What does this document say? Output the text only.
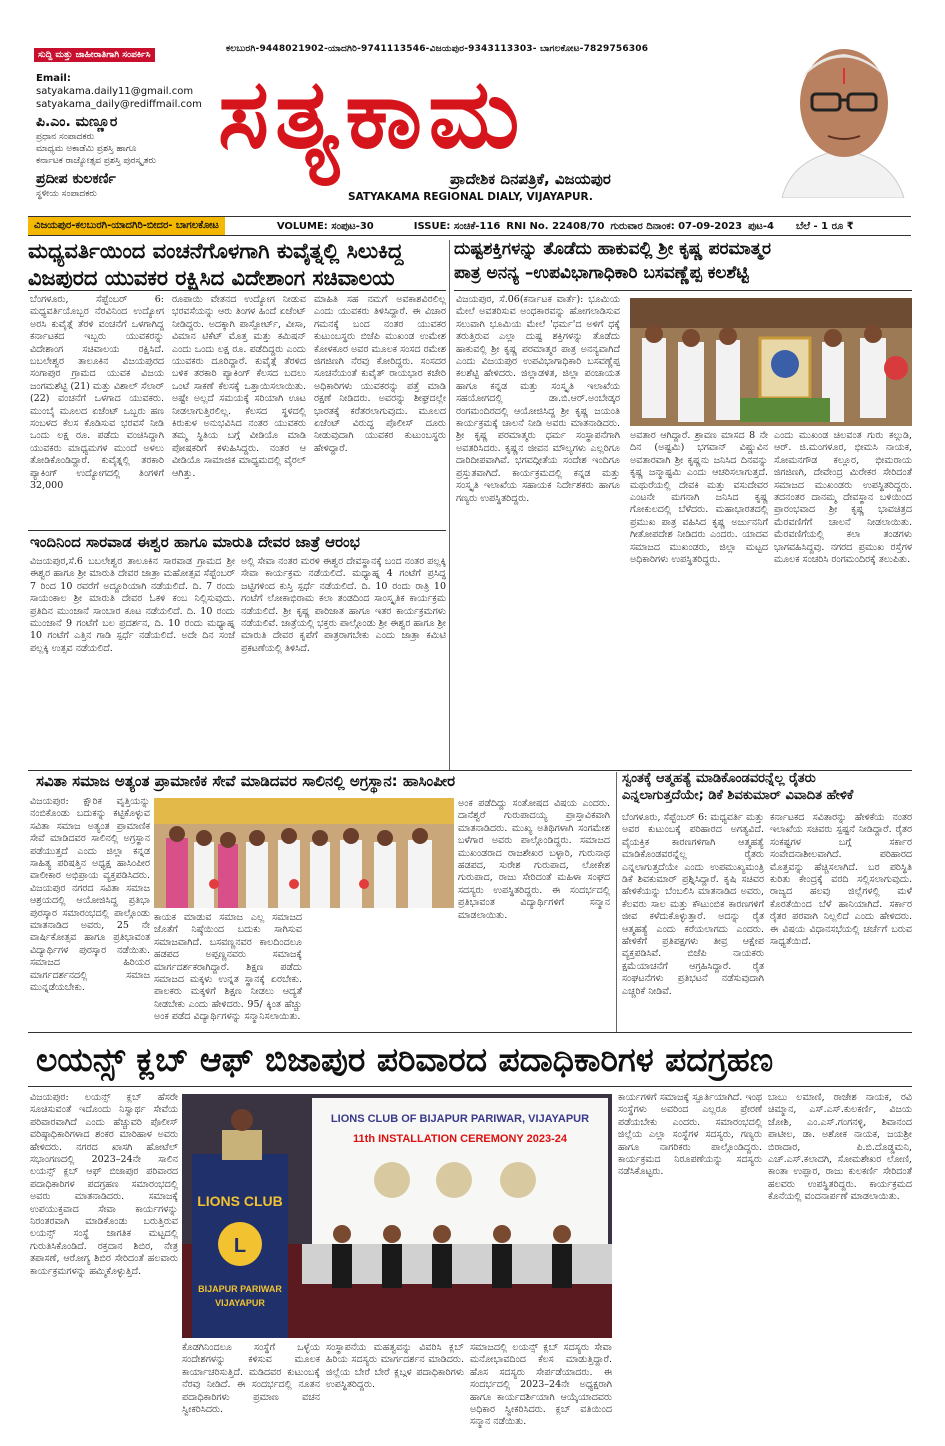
ಸುದ್ದಿ ಮತ್ತು ಜಾಹೀರಾತಿಗಾಗಿ ಸಂಪರ್ಕಿಸಿ
Email:
satyakama.daily11@gmail.com
satyakama_daily@rediffmail.com
ಪಿ.ಎಂ. ಮಣ್ಣೂರ
ಪ್ರಧಾನ ಸಂಪಾದಕರು
ಮಾಧ್ಯಮ ಅಕಾಡೆಮಿ ಪ್ರಶಸ್ತಿ ಹಾಗೂ
ಕರ್ನಾಟಕ ರಾಜ್ಯೋತ್ಸವ ಪ್ರಶಸ್ತಿ ಪುರಸ್ಕೃತರು
ಪ್ರದೀಪ ಕುಲಕರ್ಣಿ
ಸ್ಥಳೀಯ ಸಂಪಾದಕರು
ಕಲಬುರಗಿ-9448021902-ಯಾದಗಿರಿ-9741113546-ವಿಜಯಪುರ-9343113303- ಬಾಗಲಕೋಟ-7829756306
ಸತ್ಯಕಾಮ
ಪ್ರಾದೇಶಿಕ ದಿನಪತ್ರಿಕೆ, ವಿಜಯಪುರ
SATYAKAMA REGIONAL DIALY, VIJAYAPUR.
ವಿಜಯಪುರ-ಕಲಬುರಗಿ-ಯಾದಗಿರಿ-ಬೀದರ- ಬಾಗಲಕೋಟ	VOLUME: ಸಂಪುಟ-30	ISSUE: ಸಂಚಿಕೆ-116 RNI No. 22408/70 ಗುರುವಾರ ದಿನಾಂಕ: 07-09-2023 ಪುಟ-4 ಬೆಲೆ - 1 ರೂ ₹
ಮಧ್ಯವರ್ತಿಯಿಂದ ವಂಚನೆಗೊಳಗಾಗಿ ಕುವೈತ್ನಲ್ಲಿ ಸಿಲುಕಿದ್ದ
ವಿಜಪುರದ ಯುವಕರ ರಕ್ಷಿಸಿದ ವಿದೇಶಾಂಗ ಸಚಿವಾಲಯ
ಬೆಂಗಳೂರು, ಸೆಪ್ಟೆಂಬರ್ 6: ಮಧ್ಯವರ್ತಿಯೊಬ್ಬರ ನೆರವಿನಿಂದ ಉದ್ಯೋಗ ಅರಸಿ ಕುವೈತ್ಗೆ ತೆರಳಿ ವಂಚನೆಗೆ ಒಳಗಾಗಿದ್ದ ಕರ್ನಾಟಕದ ಇಬ್ಬರು ಯುವಕರನ್ನು ವಿದೇಶಾಂಗ ಸಚಿವಾಲಯ ರಕ್ಷಿಸಿದೆ. ಬಬಲೇಶ್ವರ ತಾಲೂಕಿನ ವಿಜಯಪುರದ ಸಂಗಾಪುರ ಗ್ರಾಮದ ಯುವಕ ವಿಜಯ ಜಂಗಮಶೆಟ್ಟಿ (21) ಮತ್ತು ವಿಶಾಲ್ ಸೆಲಾರ್ (22) ವಂಚನೆಗೆ ಒಳಗಾದ ಯುವಕರು. ಮುಂಬೈ ಮೂಲದ ಏಜೆಂಟ್ ಒಬ್ಬರು ಹಣ ಸಂಬಳದ ಕೆಲಸ ಕೊಡಿಸುವ ಭರವಸೆ ನೀಡಿ ಒಂದು ಲಕ್ಷ ರೂ. ಪಡೆದು ವಂಚಿಸಿದ್ದಾಗಿ ಯುವಕರು ಮಾಧ್ಯಮಗಳ ಮುಂದೆ ಅಳಲು ತೋಡಿಕೊಂಡಿದ್ದಾರೆ. ಕುವೈತ್ನಲ್ಲಿ ತರಕಾರಿ ಪ್ಯಾಕಿಂಗ್ ಉದ್ಯೋಗದಲ್ಲಿ ತಿಂಗಳಿಗೆ 32,000
ರೂಪಾಯಿ ವೇತನದ ಉದ್ಯೋಗ ನೀಡುವ ಭರವಸೆಯನ್ನು ಆರು ತಿಂಗಳ ಹಿಂದೆ ಏಜೆಂಟ್ ನೀಡಿದ್ದರು. ಅದಕ್ಕಾಗಿ ಪಾಸ್ಪೋರ್ಟ್, ವೀಸಾ, ವಿಮಾನ ಟಿಕೆಟ್ ಮೊತ್ತ ಮತ್ತು ಕಮಿಷನ್ ಎಂದು ಒಂದು ಲಕ್ಷ ರೂ. ಪಡೆದಿದ್ದರು ಎಂದು ಯುವಕರು ದೂರಿದ್ದಾರೆ. ಕುವೈತ್ಗೆ ತೆರಳಿದ ಬಳಿಕ ತರಕಾರಿ ಪ್ಯಾಕಿಂಗ್ ಕೆಲಸದ ಬದಲು ಒಂಟೆ ಸಾಕಣೆ ಕೆಲಸಕ್ಕೆ ಒತ್ತಾಯಿಸಲಾಯಿತು. ಅಷ್ಟೇ ಅಲ್ಲದೆ ಸಮಯಕ್ಕೆ ಸರಿಯಾಗಿ ಊಟ ನೀಡಲಾಗುತ್ತಿರಲಿಲ್ಲ. ಕೆಲಸದ ಸ್ಥಳದಲ್ಲಿ ಕಿರುಕುಳ ಅನುಭವಿಸಿದ ನಂತರ ಯುವಕರು ತಮ್ಮ ಸ್ಥಿತಿಯ ಬಗ್ಗೆ ವೀಡಿಯೊ ಮಾಡಿ ಪೋಷಕರಿಗೆ ಕಳುಹಿಸಿದ್ದರು. ನಂತರ ಆ ವೀಡಿಯೊ ಸಾಮಾಜಿಕ ಮಾಧ್ಯಮದಲ್ಲಿ ವೈರಲ್ ಆಗಿತ್ತು.
ಮಾಹಿತಿ ಸಹ ನಮಗೆ ಅವಕಾಶವಿರಲಿಲ್ಲ ಎಂದು ಯುವಕರು ತಿಳಿಸಿದ್ದಾರೆ. ಈ ವಿಚಾರ ಗಮನಕ್ಕೆ ಬಂದ ನಂತರ ಯುವಕರ ಕುಟುಂಬಸ್ಥರು ಬಿಜೆಪಿ ಮುಖಂಡ ಉಮೇಶ ಕೋಳಕೂರ ಅವರ ಮೂಲಕ ಸಂಸದ ರಮೇಶ ಜಿಗಜಿಣಗಿ ನೆರವು ಕೋರಿದ್ದರು. ಸಂಸದರ ಸೂಚನೆಯಂತೆ ಕುವೈತ್ ರಾಯಭಾರ ಕಚೇರಿ ಅಧಿಕಾರಿಗಳು ಯುವಕರನ್ನು ಪತ್ತೆ ಮಾಡಿ ರಕ್ಷಣೆ ನೀಡಿದರು. ಅವರನ್ನು ಶೀಘ್ರದಲ್ಲೇ ಭಾರತಕ್ಕೆ ಕರೆತರಲಾಗುವುದು. ಮೂಲದ ಏಜೆಂಟ್ ವಿರುದ್ಧ ಪೊಲೀಸ್ ದೂರು ನೀಡುವುದಾಗಿ ಯುವಕರ ಕುಟುಂಬಸ್ಥರು ಹೇಳಿದ್ದಾರೆ.
ಇಂದಿನಿಂದ ಸಾರವಾಡ ಈಶ್ವರ ಹಾಗೂ ಮಾರುತಿ ದೇವರ ಜಾತ್ರೆ ಆರಂಭ
ವಿಜಯಪುರ,ಸೆ.6 ಬಬಲೇಶ್ವರ ತಾಲೂಕಿನ ಸಾರವಾಡ ಗ್ರಾಮದ ಶ್ರೀ ಈಶ್ವರ ಹಾಗೂ ಶ್ರೀ ಮಾರುತಿ ದೇವರ ಜಾತ್ರಾ ಮಹೋತ್ಸವ ಸೆಪ್ಟೆಂಬರ್ 7 ರಿಂದ 10 ರವರೆಗೆ ಅದ್ದೂರಿಯಾಗಿ ನಡೆಯಲಿದೆ. ದಿ. 7 ರಂದು ಸಾಯಂಕಾಲ ಶ್ರೀ ಮಾರುತಿ ದೇವರ ಓಕಳಿ ಕಂಬ ನಿಲ್ಲಿಸುವುದು. ಪ್ರತಿದಿನ ಮುಂಜಾನೆ ಸಾಂಬಾರ ಕೂಟ ನಡೆಯಲಿದೆ. ದಿ. 10 ರಂದು ಮುಂಜಾನೆ 9 ಗಂಟೆಗೆ ಬಲ ಪ್ರದರ್ಶನ, ದಿ. 10 ರಂದು ಮಧ್ಯಾಹ್ನ 10 ಗಂಟೆಗೆ ಎತ್ತಿನ ಗಾಡಿ ಸ್ಪರ್ಧೆ ನಡೆಯಲಿದೆ. ಅದೇ ದಿನ ಸಂಜೆ ಪಲ್ಲಕ್ಕಿ ಉತ್ಸವ ನಡೆಯಲಿದೆ.
ಅಲ್ಲಿ ಸೇವಾ ನಂತರ ಮರಳಿ ಈಶ್ವರ ದೇವಸ್ಥಾನಕ್ಕೆ ಬಂದ ನಂತರ ಪಲ್ಲಕ್ಕಿ ಸೇವಾ ಕಾರ್ಯಕ್ರಮ ನಡೆಯಲಿದೆ. ಮಧ್ಯಾಹ್ನ 4 ಗಂಟೆಗೆ ಪ್ರಸಿದ್ಧ ಜಟ್ಟಿಗಳಿಂದ ಕುಸ್ತಿ ಸ್ಪರ್ಧೆ ನಡೆಯಲಿದೆ. ದಿ. 10 ರಂದು ರಾತ್ರಿ 10 ಗಂಟೆಗೆ ಲೋಕಾಭಿರಾಮ ಕಲಾ ತಂಡದಿಂದ ಸಾಂಸ್ಕೃತಿಕ ಕಾರ್ಯಕ್ರಮ ನಡೆಯಲಿದೆ. ಶ್ರೀ ಕೃಷ್ಣ ಪಾರಿಜಾತ ಹಾಗೂ ಇತರ ಕಾರ್ಯಕ್ರಮಗಳು ನಡೆಯಲಿವೆ. ಜಾತ್ರೆಯಲ್ಲಿ ಭಕ್ತರು ಪಾಲ್ಗೊಂಡು ಶ್ರೀ ಈಶ್ವರ ಹಾಗೂ ಶ್ರೀ ಮಾರುತಿ ದೇವರ ಕೃಪೆಗೆ ಪಾತ್ರರಾಗಬೇಕು ಎಂದು ಜಾತ್ರಾ ಕಮಿಟಿ ಪ್ರಕಟಣೆಯಲ್ಲಿ ತಿಳಿಸಿದೆ.
ದುಷ್ಟಶಕ್ತಿಗಳನ್ನು ತೊಡೆದು ಹಾಕುವಲ್ಲಿ ಶ್ರೀ ಕೃಷ್ಣ ಪರಮಾತ್ಮರ
ಪಾತ್ರ ಅನನ್ಯ –ಉಪವಿಭಾಗಾಧಿಕಾರಿ ಬಸವಣ್ಣೆಪ್ಪ ಕಲಶೆಟ್ಟಿ
ವಿಜಯಪುರ, ಸೆ.06(ಕರ್ನಾಟಕ ವಾರ್ತೆ): ಭೂಮಿಯ ಮೇಲೆ ಅವತರಿಸುವ ಅಂಧಕಾರವನ್ನು ಹೋಗಲಾಡಿಸುವ ಸಲುವಾಗಿ ಭೂಮಿಯ ಮೇಲೆ 'ಧರ್ಮ'ದ ಅಳಿಗೆ ಧಕ್ಕೆ ತರುತ್ತಿರುವ ಎಲ್ಲಾ ದುಷ್ಟ ಶಕ್ತಿಗಳನ್ನು ತೊಡೆದು ಹಾಕುವಲ್ಲಿ ಶ್ರೀ ಕೃಷ್ಣ ಪರಮಾತ್ಮರ ಪಾತ್ರ ಅನನ್ಯವಾಗಿದೆ ಎಂದು ವಿಜಯಪುರ ಉಪವಿಭಾಗಾಧಿಕಾರಿ ಬಸವಣ್ಣೆಪ್ಪ ಕಲಶೆಟ್ಟಿ ಹೇಳಿದರು. ಜಿಲ್ಲಾಡಳಿತ, ಜಿಲ್ಲಾ ಪಂಚಾಯತ ಹಾಗೂ ಕನ್ನಡ ಮತ್ತು ಸಂಸ್ಕೃತಿ ಇಲಾಖೆಯ ಸಹಯೋಗದಲ್ಲಿ ಡಾ.ಬಿ.ಆರ್.ಅಂಬೇಡ್ಕರ ರಂಗಮಂದಿರದಲ್ಲಿ ಆಯೋಜಿಸಿದ್ದ ಶ್ರೀ ಕೃಷ್ಣ ಜಯಂತಿ ಕಾರ್ಯಕ್ರಮಕ್ಕೆ ಚಾಲನೆ ನೀಡಿ ಅವರು ಮಾತನಾಡಿದರು. ಶ್ರೀ ಕೃಷ್ಣ ಪರಮಾತ್ಮರು ಧರ್ಮ ಸಂಸ್ಥಾಪನೆಗಾಗಿ ಅವತರಿಸಿದರು. ಕೃಷ್ಣನ ಜೀವನ ಮೌಲ್ಯಗಳು ಎಲ್ಲರಿಗೂ ದಾರಿದೀಪವಾಗಿವೆ. ಭಗವದ್ಗೀತೆಯ ಸಂದೇಶ ಇಂದಿಗೂ ಪ್ರಸ್ತುತವಾಗಿದೆ. ಕಾರ್ಯಕ್ರಮದಲ್ಲಿ ಕನ್ನಡ ಮತ್ತು ಸಂಸ್ಕೃತಿ ಇಲಾಖೆಯ ಸಹಾಯಕ ನಿರ್ದೇಶಕರು ಹಾಗೂ ಗಣ್ಯರು ಉಪಸ್ಥಿತರಿದ್ದರು.
ಅವತಾರ ಆಗಿದ್ದಾರೆ. ಶ್ರಾವಣ ಮಾಸದ 8 ನೇ ದಿನ (ಅಷ್ಟಮಿ) ಭಗವಾನ್ ವಿಷ್ಣುವಿನ ಅವತಾರವಾಗಿ ಶ್ರೀ ಕೃಷ್ಣನು ಜನಿಸಿದ ದಿನವನ್ನು ಕೃಷ್ಣ ಜನ್ಮಾಷ್ಟಮಿ ಎಂದು ಆಚರಿಸಲಾಗುತ್ತದೆ. ಮಥುರೆಯಲ್ಲಿ ದೇವಕಿ ಮತ್ತು ವಸುದೇವರ ಎಂಟನೇ ಮಗನಾಗಿ ಜನಿಸಿದ ಕೃಷ್ಣ ಗೋಕುಲದಲ್ಲಿ ಬೆಳೆದರು. ಮಹಾಭಾರತದಲ್ಲಿ ಪ್ರಮುಖ ಪಾತ್ರ ವಹಿಸಿದ ಕೃಷ್ಣ ಅರ್ಜುನನಿಗೆ ಗೀತೋಪದೇಶ ನೀಡಿದರು ಎಂದರು. ಯಾದವ ಸಮಾಜದ ಮುಖಂಡರು, ಜಿಲ್ಲಾ ಮಟ್ಟದ ಅಧಿಕಾರಿಗಳು ಉಪಸ್ಥಿತರಿದ್ದರು.
ಎಂದು ಮುಖಂಡ ಚಿಲವಂತ ಗುರು ಕಲ್ಗುಡಿ, ಆರ್. ಜಿ.ಮಂಗಳೂರ, ಭೀಮಸಿ ನಾಯಕ, ಸೋಮನಗೌಡ ಕಲ್ಲೂರ, ಭೀಮರಾಯ ಜಿಗಜಿಣಗಿ, ದೇವೇಂದ್ರ ಮಿರೇಕರ ಸೇರಿದಂತೆ ಸಮಾಜದ ಮುಖಂಡರು ಉಪಸ್ಥಿತರಿದ್ದರು. ತದನಂತರ ದಾನಮ್ಮ ದೇವಸ್ಥಾನ ಬಳಿಯಿಂದ ಪ್ರಾರಂಭವಾದ ಶ್ರೀ ಕೃಷ್ಣ ಭಾವಚಿತ್ರದ ಮೆರವಣಿಗೆಗೆ ಚಾಲನೆ ನೀಡಲಾಯಿತು. ಮೆರವಣಿಗೆಯಲ್ಲಿ ಕಲಾ ತಂಡಗಳು ಭಾಗವಹಿಸಿದ್ದವು. ನಗರದ ಪ್ರಮುಖ ರಸ್ತೆಗಳ ಮೂಲಕ ಸಂಚರಿಸಿ ರಂಗಮಂದಿರಕ್ಕೆ ತಲುಪಿತು.
ಸವಿತಾ ಸಮಾಜ ಅತ್ಯಂತ ಪ್ರಾಮಾಣಿಕ ಸೇವೆ ಮಾಡಿದವರ ಸಾಲಿನಲ್ಲಿ ಅಗ್ರಸ್ಥಾನ: ಹಾಸಿಂಪೀರ
ವಿಜಯಪುರ: ಕ್ಷೌರಿಕ ವೃತ್ತಿಯನ್ನು ನಂಬಿಕೊಂಡು ಬದುಕನ್ನು ಕಟ್ಟಿಕೊಳ್ಳುವ ಸವಿತಾ ಸಮಾಜ ಅತ್ಯಂತ ಪ್ರಾಮಾಣಿಕ ಸೇವೆ ಮಾಡಿದವರ ಸಾಲಿನಲ್ಲಿ ಅಗ್ರಸ್ಥಾನ ಪಡೆಯುತ್ತದೆ ಎಂದು ಜಿಲ್ಲಾ ಕನ್ನಡ ಸಾಹಿತ್ಯ ಪರಿಷತ್ತಿನ ಅಧ್ಯಕ್ಷ ಹಾಸಿಂಪೀರ ವಾಲೀಕಾರ ಅಭಿಪ್ರಾಯ ವ್ಯಕ್ತಪಡಿಸಿದರು. ವಿಜಯಪುರ ನಗರದ ಸವಿತಾ ಸಮಾಜ ಆಶ್ರಯದಲ್ಲಿ ಆಯೋಜಿಸಿದ್ದ ಪ್ರತಿಭಾ ಪುರಸ್ಕಾರ ಸಮಾರಂಭದಲ್ಲಿ ಪಾಲ್ಗೊಂಡು ಮಾತನಾಡಿದ ಅವರು, 25 ನೇ ವಾರ್ಷಿಕೋತ್ಸವ ಹಾಗೂ ಪ್ರತಿಭಾವಂತ ವಿದ್ಯಾರ್ಥಿಗಳ ಪುರಸ್ಕಾರ ನಡೆಯಿತು. ಸಮಾಜದ ಹಿರಿಯರ ಮಾರ್ಗದರ್ಶನದಲ್ಲಿ ಸಮಾಜ ಮುನ್ನಡೆಯಬೇಕು.
ಕಾಯಕ ಮಾಡುವ ಸಮಾಜ ಎಲ್ಲ ಸಮಾಜದ ಜೊತೆಗೆ ನಿಷ್ಠೆಯಿಂದ ಬದುಕು ಸಾಗಿಸುವ ಸಮಾಜವಾಗಿದೆ. ಬಸವಣ್ಣನವರ ಕಾಲದಿಂದಲೂ ಹಡಪದ ಅಪ್ಪಣ್ಣನವರು ಸಮಾಜಕ್ಕೆ ಮಾರ್ಗದರ್ಶಕರಾಗಿದ್ದಾರೆ. ಶಿಕ್ಷಣ ಪಡೆದು ಸಮಾಜದ ಮಕ್ಕಳು ಉನ್ನತ ಸ್ಥಾನಕ್ಕೆ ಏರಬೇಕು. ಪಾಲಕರು ಮಕ್ಕಳಿಗೆ ಶಿಕ್ಷಣ ನೀಡಲು ಆದ್ಯತೆ ನೀಡಬೇಕು ಎಂದು ಹೇಳಿದರು. 95/ ಕ್ಕಿಂತ ಹೆಚ್ಚು ಅಂಕ ಪಡೆದ ವಿದ್ಯಾರ್ಥಿಗಳನ್ನು ಸನ್ಮಾನಿಸಲಾಯಿತು.
ಅಂಕ ಪಡೆದಿದ್ದು ಸಂತೋಷದ ವಿಷಯ ಎಂದರು. ದಾನೆಶ್ವರೆ ಗುರುಪಾದಯ್ಯ ಪ್ರಾಸ್ತಾವಿಕವಾಗಿ ಮಾತನಾಡಿದರು. ಮುಖ್ಯ ಅತಿಥಿಗಳಾಗಿ ಸಂಗಮೇಶ ಬಳೆಗಾರ ಅವರು ಪಾಲ್ಗೊಂಡಿದ್ದರು. ಸಮಾಜದ ಮುಖಂಡರಾದ ರಾಜಶೇಖರ ಬಳ್ಳಾರಿ, ಗುರುನಾಥ ಹಡಪದ, ಸುರೇಶ ಗುರುಪಾದ, ಲೋಕೇಶ ಗುರುಪಾದ, ರಾಜು ಸೇರಿದಂತೆ ಮಹಿಳಾ ಸಂಘದ ಸದಸ್ಯರು ಉಪಸ್ಥಿತರಿದ್ದರು. ಈ ಸಂದರ್ಭದಲ್ಲಿ ಪ್ರತಿಭಾವಂತ ವಿದ್ಯಾರ್ಥಿಗಳಿಗೆ ಸನ್ಮಾನ ಮಾಡಲಾಯಿತು.
ಸ್ವಂತಕ್ಕೆ ಆತ್ಮಹತ್ಯೆ ಮಾಡಿಕೊಂಡವರನ್ನೆಲ್ಲ ರೈತರು
ಎನ್ನಲಾಗುತ್ತದೆಯೇ; ಡಿಕೆ ಶಿವಕುಮಾರ್ ವಿವಾದಿತ ಹೇಳಿಕೆ
ಬೆಂಗಳೂರು, ಸೆಪ್ಟೆಂಬರ್ 6: ಮಧ್ಯವರ್ತಿ ಮತ್ತು ಅವರ ಕುಟುಂಬಕ್ಕೆ ಪರಿಹಾರದ ಅಗತ್ಯವಿದೆ. ವೈಯಕ್ತಿಕ ಕಾರಣಗಳಿಗಾಗಿ ಆತ್ಮಹತ್ಯೆ ಮಾಡಿಕೊಂಡವರನ್ನೆಲ್ಲ ರೈತರು ಎನ್ನಲಾಗುತ್ತದೆಯೇ ಎಂದು ಉಪಮುಖ್ಯಮಂತ್ರಿ ಡಿಕೆ ಶಿವಕುಮಾರ್ ಪ್ರಶ್ನಿಸಿದ್ದಾರೆ. ಕೃಷಿ ಸಚಿವರ ಹೇಳಿಕೆಯನ್ನು ಬೆಂಬಲಿಸಿ ಮಾತನಾಡಿದ ಅವರು, ಕೆಲವರು ಸಾಲ ಮತ್ತು ಕೌಟುಂಬಿಕ ಕಾರಣಗಳಿಗೆ ಜೀವ ಕಳೆದುಕೊಳ್ಳುತ್ತಾರೆ. ಅದನ್ನು ರೈತ ಆತ್ಮಹತ್ಯೆ ಎಂದು ಕರೆಯಲಾಗದು ಎಂದರು. ಹೇಳಿಕೆಗೆ ಪ್ರತಿಪಕ್ಷಗಳು ತೀವ್ರ ಆಕ್ಷೇಪ ವ್ಯಕ್ತಪಡಿಸಿವೆ. ಬಿಜೆಪಿ ನಾಯಕರು ಕ್ಷಮೆಯಾಚನೆಗೆ ಆಗ್ರಹಿಸಿದ್ದಾರೆ. ರೈತ ಸಂಘಟನೆಗಳು ಪ್ರತಿಭಟನೆ ನಡೆಸುವುದಾಗಿ ಎಚ್ಚರಿಕೆ ನೀಡಿವೆ.
ಕರ್ನಾಟಕದ ಸವಿತಾರನ್ನು ಹೇಳಿಕೆಯ ನಂತರ ಇಲಾಖೆಯ ಸಚಿವರು ಸ್ಪಷ್ಟನೆ ನೀಡಿದ್ದಾರೆ. ರೈತರ ಸಂಕಷ್ಟಗಳ ಬಗ್ಗೆ ಸರ್ಕಾರ ಸಂವೇದನಾಶೀಲವಾಗಿದೆ. ಪರಿಹಾರದ ಮೊತ್ತವನ್ನು ಹೆಚ್ಚಿಸಲಾಗಿದೆ. ಬರ ಪರಿಸ್ಥಿತಿ ಕುರಿತು ಕೇಂದ್ರಕ್ಕೆ ವರದಿ ಸಲ್ಲಿಸಲಾಗುವುದು. ರಾಜ್ಯದ ಹಲವು ಜಿಲ್ಲೆಗಳಲ್ಲಿ ಮಳೆ ಕೊರತೆಯಿಂದ ಬೆಳೆ ಹಾನಿಯಾಗಿದೆ. ಸರ್ಕಾರ ರೈತರ ಪರವಾಗಿ ನಿಲ್ಲಲಿದೆ ಎಂದು ಹೇಳಿದರು. ಈ ವಿಷಯ ವಿಧಾನಸಭೆಯಲ್ಲಿ ಚರ್ಚೆಗೆ ಬರುವ ಸಾಧ್ಯತೆಯಿದೆ.
ಲಯನ್ಸ್ ಕ್ಲಬ್ ಆಫ್ ಬಿಜಾಪುರ ಪರಿವಾರದ ಪದಾಧಿಕಾರಿಗಳ ಪದಗ್ರಹಣ
ವಿಜಯಪುರ: ಲಯನ್ಸ್ ಕ್ಲಬ್ ಹೆಸರೇ ಸೂಚಿಸುವಂತೆ ಇದೊಂದು ನಿಸ್ವಾರ್ಥ ಸೇವೆಯ ಪರಿವಾರವಾಗಿದೆ ಎಂದು ಹೆಚ್ಚುವರಿ ಪೊಲೀಸ್ ವರಿಷ್ಠಾಧಿಕಾರಿಗಳಾದ ಶಂಕರ ಮಾರಿಹಾಳ ಅವರು ಹೇಳಿದರು. ನಗರದ ಖಾಸಗಿ ಹೋಟೆಲ್ ಸಭಾಂಗಣದಲ್ಲಿ 2023–24ನೇ ಸಾಲಿನ ಲಯನ್ಸ್ ಕ್ಲಬ್ ಆಫ್ ಬಿಜಾಪುರ ಪರಿವಾರದ ಪದಾಧಿಕಾರಿಗಳ ಪದಗ್ರಹಣ ಸಮಾರಂಭದಲ್ಲಿ ಅವರು ಮಾತನಾಡಿದರು. ಸಮಾಜಕ್ಕೆ ಉಪಯುಕ್ತವಾದ ಸೇವಾ ಕಾರ್ಯಗಳನ್ನು ನಿರಂತರವಾಗಿ ಮಾಡಿಕೊಂಡು ಬರುತ್ತಿರುವ ಲಯನ್ಸ್ ಸಂಸ್ಥೆ ಜಾಗತಿಕ ಮಟ್ಟದಲ್ಲಿ ಗುರುತಿಸಿಕೊಂಡಿದೆ. ರಕ್ತದಾನ ಶಿಬಿರ, ನೇತ್ರ ತಪಾಸಣೆ, ಆರೋಗ್ಯ ಶಿಬಿರ ಸೇರಿದಂತೆ ಹಲವಾರು ಕಾರ್ಯಕ್ರಮಗಳನ್ನು ಹಮ್ಮಿಕೊಳ್ಳುತ್ತಿದೆ.
LIONS CLUB OF BIJAPUR PARIWAR, VIJAYAPUR
11th INSTALLATION CEREMONY 2023-24
LIONS CLUB
L
BIJAPUR PARIWAR
VIJAYAPUR
ಕೊಡಗಿನಿಂದಲೂ ಸಂಸ್ಥೆಗೆ ಒಳ್ಳೆಯ ಸಂದೇಶಗಳನ್ನು ಕಳಿಸುವ ಮೂಲಕ ಕಾರ್ಯಾಚರಿಸುತ್ತಿದೆ. ಮಡಿದವರ ಕುಟುಂಬಕ್ಕೆ ನೆರವು ನೀಡಿದೆ. ಈ ಸಂದರ್ಭದಲ್ಲಿ ನೂತನ ಪದಾಧಿಕಾರಿಗಳು ಪ್ರಮಾಣ ವಚನ ಸ್ವೀಕರಿಸಿದರು.
ಸಂಸ್ಥಾಪನೆಯ ಮಹತ್ವವನ್ನು ವಿವರಿಸಿ ಕ್ಲಬ್ ಹಿರಿಯ ಸದಸ್ಯರು ಮಾರ್ಗದರ್ಶನ ಮಾಡಿದರು. ಜಿಲ್ಲೆಯ ಬೇರೆ ಬೇರೆ ಕ್ಲಬ್ಗಳ ಪದಾಧಿಕಾರಿಗಳು ಉಪಸ್ಥಿತರಿದ್ದರು.
ಸಮಾಜದಲ್ಲಿ ಲಯನ್ಸ್ ಕ್ಲಬ್ ಸದಸ್ಯರು ಸೇವಾ ಮನೋಭಾವದಿಂದ ಕೆಲಸ ಮಾಡುತ್ತಿದ್ದಾರೆ. ಹೊಸ ಸದಸ್ಯರು ಸೇರ್ಪಡೆಯಾದರು. ಈ ಸಂದರ್ಭದಲ್ಲಿ 2023–24ನೇ ಅಧ್ಯಕ್ಷರಾಗಿ ಹಾಗೂ ಕಾರ್ಯದರ್ಶಿಯಾಗಿ ಆಯ್ಕೆಯಾದವರು ಅಧಿಕಾರ ಸ್ವೀಕರಿಸಿದರು. ಕ್ಲಬ್ ವತಿಯಿಂದ ಸನ್ಮಾನ ನಡೆಯಿತು.
ಕಾರ್ಯಗಳಿಗೆ ಸಮಾಜಕ್ಕೆ ಸ್ಪೂರ್ತಿಯಾಗಿದೆ. ಇಂಥ ಸಂಸ್ಥೆಗಳು ಅವರಿಂದ ಎಲ್ಲರೂ ಪ್ರೇರಣೆ ಪಡೆಯಬೇಕು ಎಂದರು. ಸಮಾರಂಭದಲ್ಲಿ ಜಿಲ್ಲೆಯ ಎಲ್ಲಾ ಸಂಸ್ಥೆಗಳ ಸದಸ್ಯರು, ಗಣ್ಯರು ಹಾಗೂ ನಾಗರಿಕರು ಪಾಲ್ಗೊಂಡಿದ್ದರು. ಕಾರ್ಯಕ್ರಮದ ನಿರೂಪಣೆಯನ್ನು ಸದಸ್ಯರು ನಡೆಸಿಕೊಟ್ಟರು.
ಬಾಬು ಲಮಾಣಿ, ರಾಜೇಶ ನಾಯಕ, ರವಿ ಚಿಮ್ಮಾನ, ಎಸ್.ಎಸ್.ಕುಲಕರ್ಣಿ, ವಿಜಯ ಜೋಶಿ, ಎಂ.ಎಸ್.ಗಂಗನಳ್ಳಿ, ಶಿವಾನಂದ ಪಾಟೀಲ, ಡಾ. ಅಶೋಕ ನಾಯಕ, ಜಯಶ್ರೀ ಬಿರಾದಾರ, ಪಿ.ಬಿ.ದೊಡ್ಡಮನಿ, ಎಚ್.ಎಸ್.ಕಲಾದಗಿ, ಸೋಮಶೇಖರ ಲೋಣಿ, ಕಾಂತಾ ಉಪ್ಪಾರ, ರಾಜು ಕುಲಕರ್ಣಿ ಸೇರಿದಂತೆ ಹಲವರು ಉಪಸ್ಥಿತರಿದ್ದರು. ಕಾರ್ಯಕ್ರಮದ ಕೊನೆಯಲ್ಲಿ ವಂದನಾರ್ಪಣೆ ಮಾಡಲಾಯಿತು.
